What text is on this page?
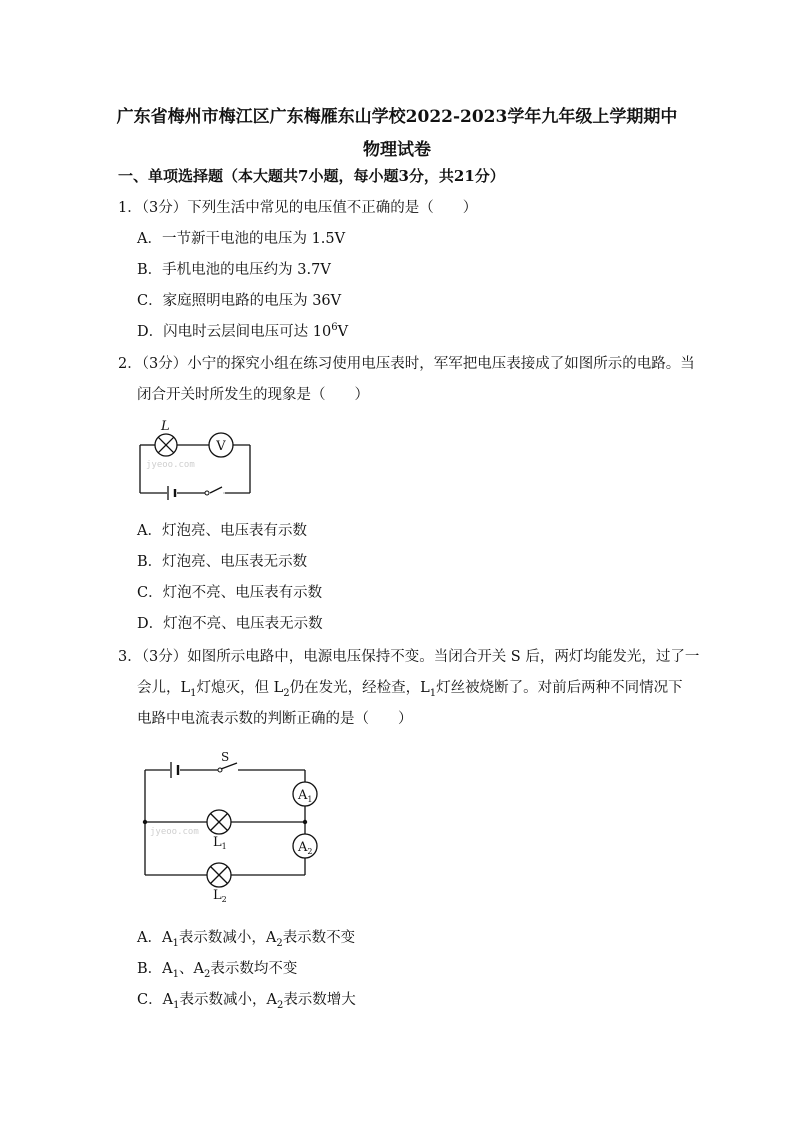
广东省梅州市梅江区广东梅雁东山学校2022-2023学年九年级上学期期中
物理试卷
一、单项选择题（本大题共7小题，每小题3分，共21分）
1．（3分）下列生活中常见的电压值不正确的是（　　）
A．一节新干电池的电压为 1.5V
B．手机电池的电压约为 3.7V
C．家庭照明电路的电压为 36V
D．闪电时云层间电压可达 $10^6V$
2．（3分）小宁的探究小组在练习使用电压表时，军军把电压表接成了如图所示的电路。当
闭合开关时所发生的现象是（　　）
L
V
jyeoo.com
A．灯泡亮、电压表有示数
B．灯泡亮、电压表无示数
C．灯泡不亮、电压表有示数
D．灯泡不亮、电压表无示数
3．（3分）如图所示电路中，电源电压保持不变。当闭合开关 S 后，两灯均能发光，过了一
会儿，$L_1$灯熄灭，但 $L_2$仍在发光，经检查，$L_1$灯丝被烧断了。对前后两种不同情况下
电路中电流表示数的判断正确的是（　　）
S
$A_1$
$A_2$
$L_1$
$L_2$
jyeoo.com
A．$A_1$表示数减小，$A_2$表示数不变
B．$A_1$、$A_2$表示数均不变
C．$A_1$表示数减小，$A_2$表示数增大
